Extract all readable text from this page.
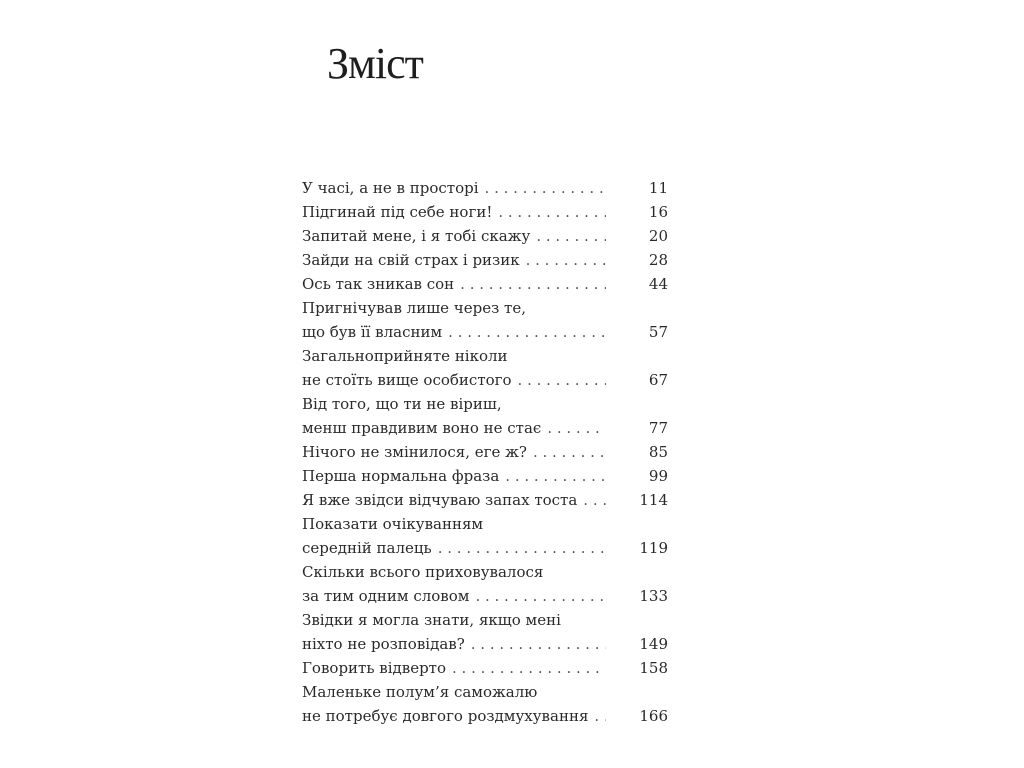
Зміст
У часі, а не в просторі . . .	11
Підгинай під себе ноги! . . .	16
Запитай мене, і я тобі скажу . . .	20
Зайди на свій страх і ризик . . .	28
Ось так зникав сон . . .	44
Пригнічував лише через те,
що був її власним . . .	57
Загальноприйняте ніколи
не стоїть вище особистого . . .	67
Від того, що ти не віриш,
менш правдивим воно не стає . . .	77
Нічого не змінилося, еге ж? . . .	85
Перша нормальна фраза . . .	99
Я вже звідси відчуваю запах тоста . . .	114
Показати очікуванням
середній палець . . .	119
Скільки всього приховувалося
за тим одним словом . . .	133
Звідки я могла знати, якщо мені
ніхто не розповідав? . . .	149
Говорить відверто . . .	158
Маленьке полум’я саможалю
не потребує довгого роздмухування . . .	166
